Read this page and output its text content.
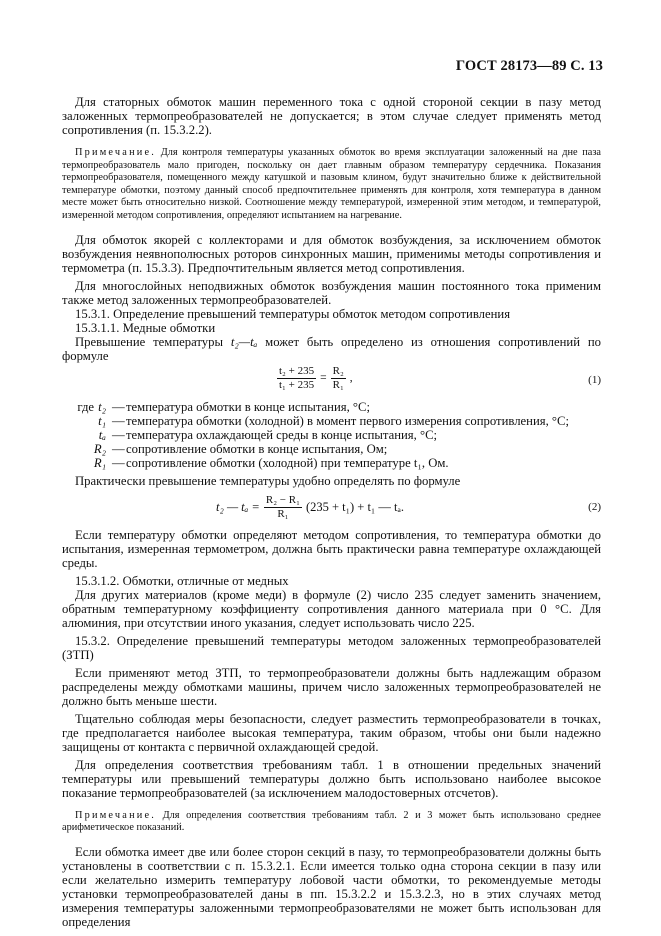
ГОСТ 28173—89 С. 13

Для статорных обмоток машин переменного тока с одной стороной секции в пазу метод заложенных термопреобразователей не допускается; в этом случае следует применять метод сопротивления (п. 15.3.2.2).

Примечание. Для контроля температуры указанных обмоток во время эксплуатации заложенный на дне паза термопреобразователь мало пригоден, поскольку он дает главным образом температуру сердечника. Показания термопреобразователя, помещенного между катушкой и пазовым клином, будут значительно ближе к действительной температуре обмотки, поэтому данный способ предпочтительнее применять для контроля, хотя температура в данном месте может быть относительно низкой. Соотношение между температурой, измеренной этим методом, и температурой, измеренной методом сопротивления, определяют испытанием на нагревание.

Для обмоток якорей с коллекторами и для обмоток возбуждения, за исключением обмоток возбуждения неявнополюсных роторов синхронных машин, применимы методы сопротивления и термометра (п. 15.3.3). Предпочтительным является метод сопротивления.

Для многослойных неподвижных обмоток возбуждения машин постоянного тока применим также метод заложенных термопреобразователей.

15.3.1. Определение превышений температуры обмоток методом сопротивления

15.3.1.1. Медные обмотки

Превышение температуры t₂—tₐ может быть определено из отношения сопротивлений по формуле

$\frac{\text{t₂ + 235}}{\text{t₁ + 235}} = \frac{\text{R₂}}{\text{R₁}}$ ,	(1)
где t₂ — температура обмотки в конце испытания, °С;
t₁ — температура обмотки (холодной) в момент первого измерения сопротивления, °С;
tₐ — температура охлаждающей среды в конце испытания, °С;
R₂ — сопротивление обмотки в конце испытания, Ом;
R₁ — сопротивление обмотки (холодной) при температуре t₁, Ом.

Практически превышение температуры удобно определять по формуле

t₂ — $t_a = \frac{\text{R₂ − R₁}}{\text{R₁}} (235 + t_1) + t_1$ — tₐ.	(2)

Если температуру обмотки определяют методом сопротивления, то температура обмотки до испытания, измеренная термометром, должна быть практически равна температуре охлаждающей среды.

15.3.1.2. Обмотки, отличные от медных

Для других материалов (кроме меди) в формуле (2) число 235 следует заменить значением, обратным температурному коэффициенту сопротивления данного материала при 0 °С. Для алюминия, при отсутствии иного указания, следует использовать число 225.

15.3.2. Определение превышений температуры методом заложенных термопреобразователей (ЗТП)

Если применяют метод ЗТП, то термопреобразователи должны быть надлежащим образом распределены между обмотками машины, причем число заложенных термопреобразователей не должно быть меньше шести.

Тщательно соблюдая меры безопасности, следует разместить термопреобразователи в точках, где предполагается наиболее высокая температура, таким образом, чтобы они были надежно защищены от контакта с первичной охлаждающей средой.

Для определения соответствия требованиям табл. 1 в отношении предельных значений температуры или превышений температуры должно быть использовано наиболее высокое показание термопреобразователей (за исключением малодостоверных отсчетов).

Примечание. Для определения соответствия требованиям табл. 2 и 3 может быть использовано среднее арифметическое показаний.

Если обмотка имеет две или более сторон секций в пазу, то термопреобразователи должны быть установлены в соответствии с п. 15.3.2.1. Если имеется только одна сторона секции в пазу или если желательно измерить температуру лобовой части обмотки, то рекомендуемые методы установки термопреобразователей даны в пп. 15.3.2.2 и 15.3.2.3, но в этих случаях метод измерения температуры заложенными термопреобразователями не может быть использован для определения
